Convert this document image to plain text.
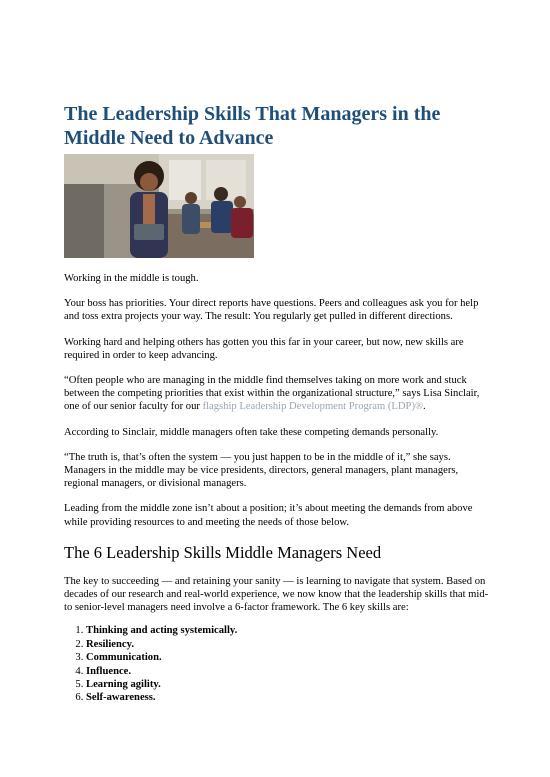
The Leadership Skills That Managers in the Middle Need to Advance

Working in the middle is tough.

Your boss has priorities. Your direct reports have questions. Peers and colleagues ask you for help and toss extra projects your way. The result: You regularly get pulled in different directions.

Working hard and helping others has gotten you this far in your career, but now, new skills are required in order to keep advancing.

“Often people who are managing in the middle find themselves taking on more work and stuck between the competing priorities that exist within the organizational structure,” says Lisa Sinclair, one of our senior faculty for our flagship Leadership Development Program (LDP)®.

According to Sinclair, middle managers often take these competing demands personally.

“The truth is, that’s often the system — you just happen to be in the middle of it,” she says. Managers in the middle may be vice presidents, directors, general managers, plant managers, regional managers, or divisional managers.

Leading from the middle zone isn’t about a position; it’s about meeting the demands from above while providing resources to and meeting the needs of those below.

The 6 Leadership Skills Middle Managers Need

The key to succeeding — and retaining your sanity — is learning to navigate that system. Based on decades of our research and real-world experience, we now know that the leadership skills that mid- to senior-level managers need involve a 6-factor framework. The 6 key skills are:

1. Thinking and acting systemically.
2. Resiliency.
3. Communication.
4. Influence.
5. Learning agility.
6. Self-awareness.
